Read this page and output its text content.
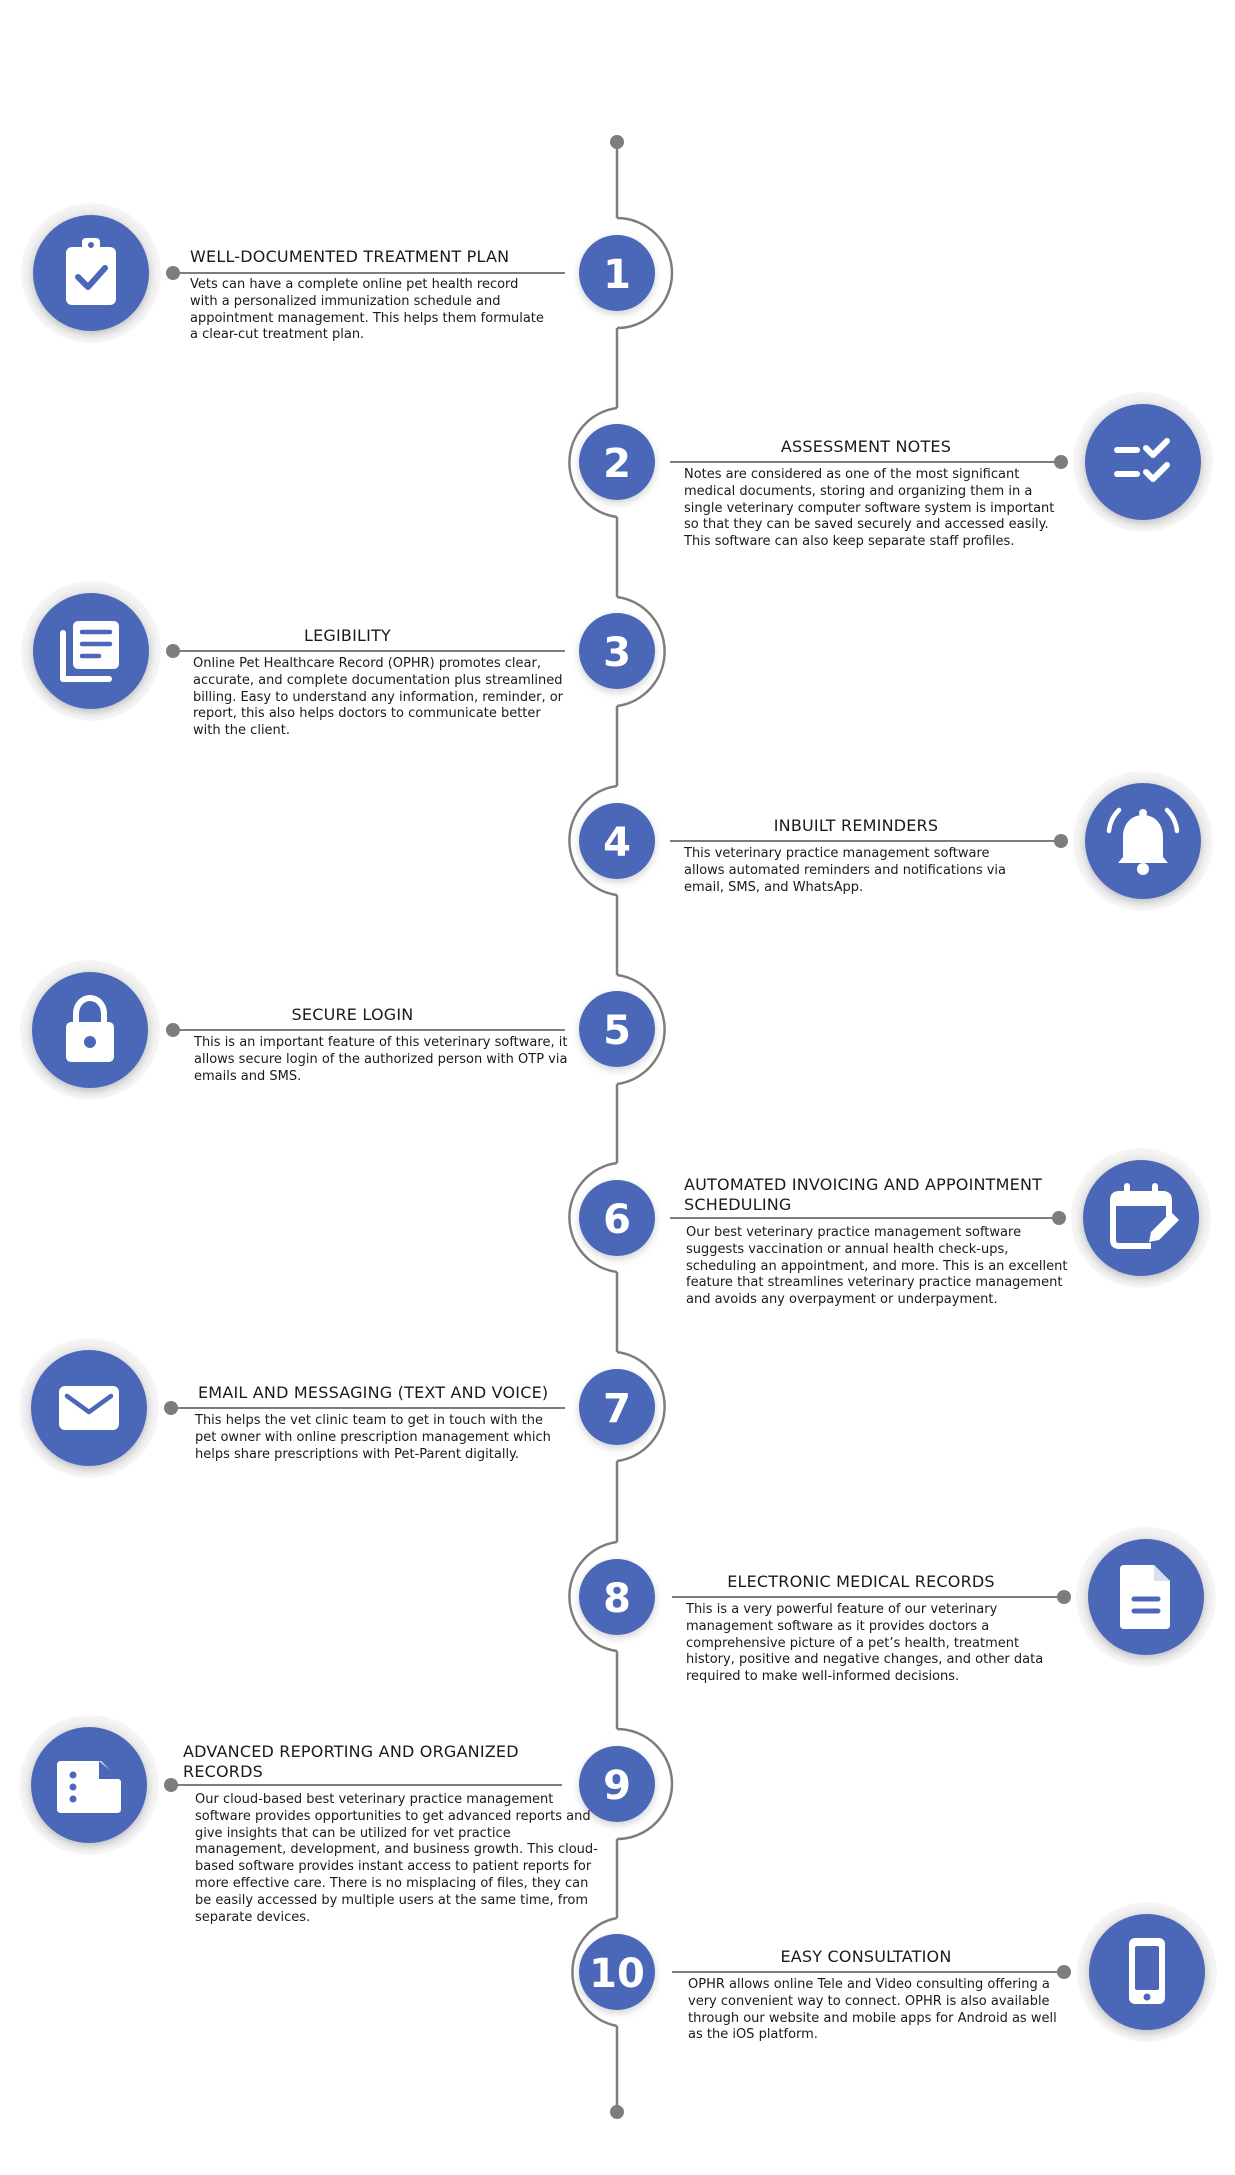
1
2
3
4
5
6
7
8
9
10
WELL-DOCUMENTED TREATMENT PLAN

Vets can have a complete online pet health record with a personalized immunization schedule and appointment management. This helps them formulate a clear-cut treatment plan.

ASSESSMENT NOTES

Notes are considered as one of the most significant medical documents, storing and organizing them in a single veterinary computer software system is important so that they can be saved securely and accessed easily. This software can also keep separate staff profiles.

LEGIBILITY

Online Pet Healthcare Record (OPHR) promotes clear, accurate, and complete documentation plus streamlined billing. Easy to understand any information, reminder, or report, this also helps doctors to communicate better with the client.

INBUILT REMINDERS

This veterinary practice management software allows automated reminders and notifications via email, SMS, and WhatsApp.

SECURE LOGIN

This is an important feature of this veterinary software, it allows secure login of the authorized person with OTP via emails and SMS.

AUTOMATED INVOICING AND APPOINTMENT SCHEDULING

Our best veterinary practice management software suggests vaccination or annual health check-ups, scheduling an appointment, and more. This is an excellent feature that streamlines veterinary practice management and avoids any overpayment or underpayment. 

EMAIL AND MESSAGING (TEXT AND VOICE)

This helps the vet clinic team to get in touch with the pet owner with online prescription management which helps share prescriptions with Pet-Parent digitally.

ELECTRONIC MEDICAL RECORDS

This is a very powerful feature of our veterinary management software as it provides doctors a comprehensive picture of a pet’s health, treatment history, positive and negative changes, and other data required to make well-informed decisions. 

ADVANCED REPORTING AND ORGANIZED RECORDS

Our cloud-based best veterinary practice management software provides opportunities to get advanced reports and give insights that can be utilized for vet practice management, development, and business growth. This cloud-based software provides instant access to patient reports for more effective care. There is no misplacing of files, they can be easily accessed by multiple users at the same time, from separate devices.

EASY CONSULTATION

OPHR allows online Tele and Video consulting offering a very convenient way to connect. OPHR is also available through our website and mobile apps for Android as well as the iOS platform.
